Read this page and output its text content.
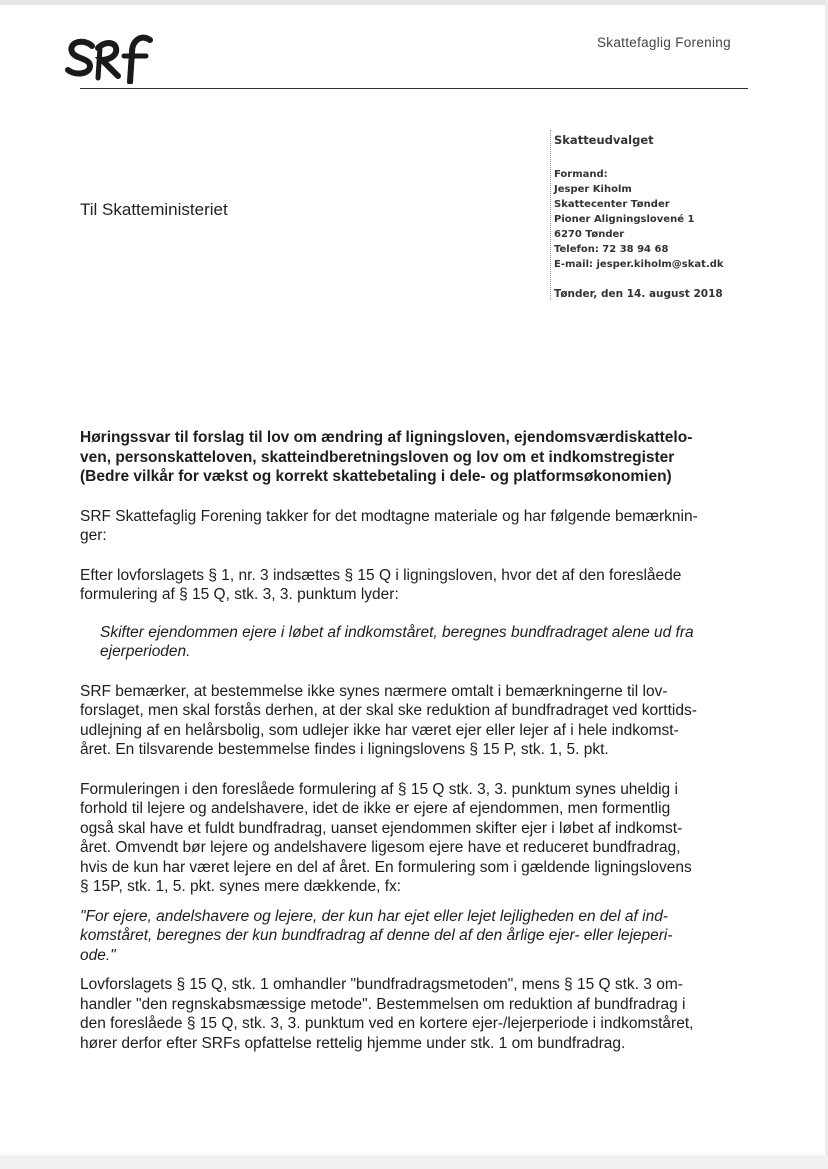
Skattefaglig Forening
Til Skatteministeriet
Skatteudvalget
Formand:
Jesper Kiholm
Skattecenter Tønder
Pioner Aligningslovené 1
6270 Tønder
Telefon: 72 38 94 68
E-mail: jesper.kiholm@skat.dk
Tønder, den 14. august 2018

Høringssvar til forslag til lov om ændring af ligningsloven, ejendomsværdiskattelo-
ven, personskatteloven, skatteindberetningsloven og lov om et indkomstregister
(Bedre vilkår for vækst og korrekt skattebetaling i dele- og platformsøkonomien)

SRF Skattefaglig Forening takker for det modtagne materiale og har følgende bemærknin-
ger:

Efter lovforslagets § 1, nr. 3 indsættes § 15 Q i ligningsloven, hvor det af den foreslåede
formulering af § 15 Q, stk. 3, 3. punktum lyder:

Skifter ejendommen ejere i løbet af indkomståret, beregnes bundfradraget alene ud fra
ejerperioden.

SRF bemærker, at bestemmelse ikke synes nærmere omtalt i bemærkningerne til lov-
forslaget, men skal forstås derhen, at der skal ske reduktion af bundfradraget ved korttids-
udlejning af en helårsbolig, som udlejer ikke har været ejer eller lejer af i hele indkomst-
året. En tilsvarende bestemmelse findes i ligningslovens § 15 P, stk. 1, 5. pkt.

Formuleringen i den foreslåede formulering af § 15 Q stk. 3, 3. punktum synes uheldig i
forhold til lejere og andelshavere, idet de ikke er ejere af ejendommen, men formentlig
også skal have et fuldt bundfradrag, uanset ejendommen skifter ejer i løbet af indkomst-
året. Omvendt bør lejere og andelshavere ligesom ejere have et reduceret bundfradrag,
hvis de kun har været lejere en del af året. En formulering som i gældende ligningslovens
§ 15P, stk. 1, 5. pkt. synes mere dækkende, fx:

"For ejere, andelshavere og lejere, der kun har ejet eller lejet lejligheden en del af ind-
komståret, beregnes der kun bundfradrag af denne del af den årlige ejer- eller lejeperi-
ode."

Lovforslagets § 15 Q, stk. 1 omhandler "bundfradragsmetoden", mens § 15 Q stk. 3 om-
handler "den regnskabsmæssige metode". Bestemmelsen om reduktion af bundfradrag i
den foreslåede § 15 Q, stk. 3, 3. punktum ved en kortere ejer-/lejerperiode i indkomståret,
hører derfor efter SRFs opfattelse rettelig hjemme under stk. 1 om bundfradrag.
